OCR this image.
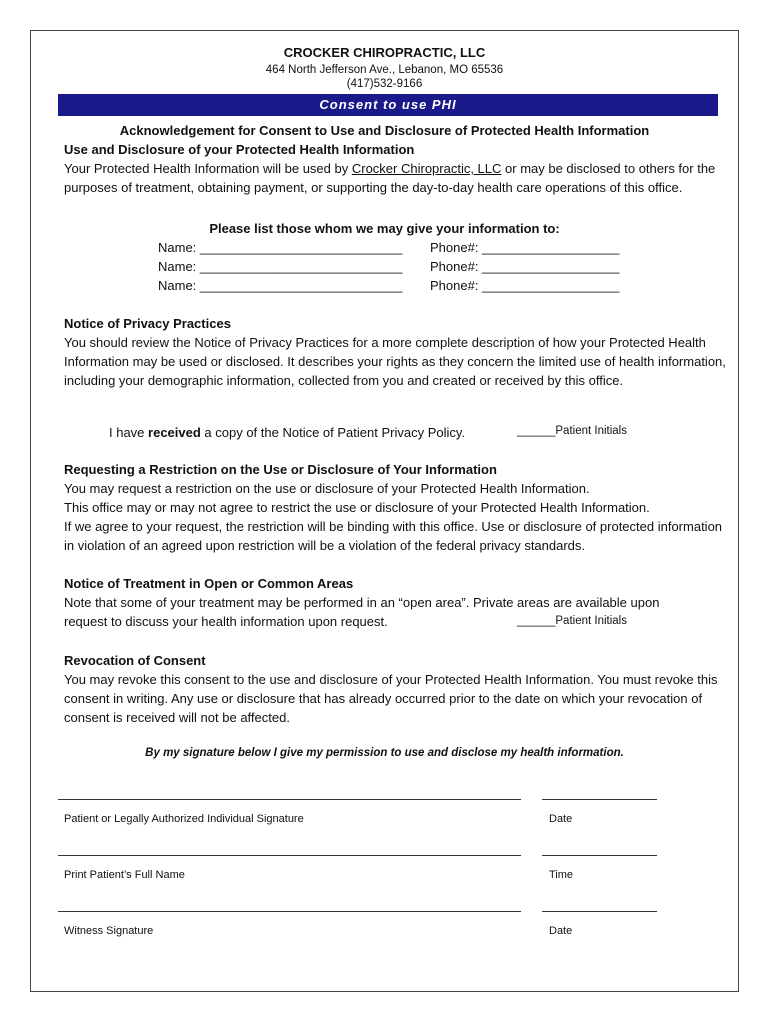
CROCKER CHIROPRACTIC, LLC
464 North Jefferson Ave., Lebanon, MO 65536
(417)532-9166
Consent to use PHI
Acknowledgement for Consent to Use and Disclosure of Protected Health Information
Use and Disclosure of your Protected Health Information
Your Protected Health Information will be used by Crocker Chiropractic, LLC or may be disclosed to others for the purposes of treatment, obtaining payment, or supporting the day-to-day health care operations of this office.
Please list those whom we may give your information to:
Name: ____________________________ Phone#: ___________________
Name: ____________________________ Phone#: ___________________
Name: ____________________________ Phone#: ___________________
Notice of Privacy Practices
You should review the Notice of Privacy Practices for a more complete description of how your Protected Health Information may be used or disclosed. It describes your rights as they concern the limited use of health information, including your demographic information, collected from you and created or received by this office.
I have received a copy of the Notice of Patient Privacy Policy.	______Patient Initials
Requesting a Restriction on the Use or Disclosure of Your Information
You may request a restriction on the use or disclosure of your Protected Health Information.
This office may or may not agree to restrict the use or disclosure of your Protected Health Information.
If we agree to your request, the restriction will be binding with this office. Use or disclosure of protected information in violation of an agreed upon restriction will be a violation of the federal privacy standards.
Notice of Treatment in Open or Common Areas
Note that some of your treatment may be performed in an “open area”. Private areas are available upon
request to discuss your health information upon request.	______Patient Initials
Revocation of Consent
You may revoke this consent to the use and disclosure of your Protected Health Information. You must revoke this consent in writing. Any use or disclosure that has already occurred prior to the date on which your revocation of consent is received will not be affected.
By my signature below I give my permission to use and disclose my health information.
Patient or Legally Authorized Individual Signature	Date
Print Patient’s Full Name	Time
Witness Signature	Date
